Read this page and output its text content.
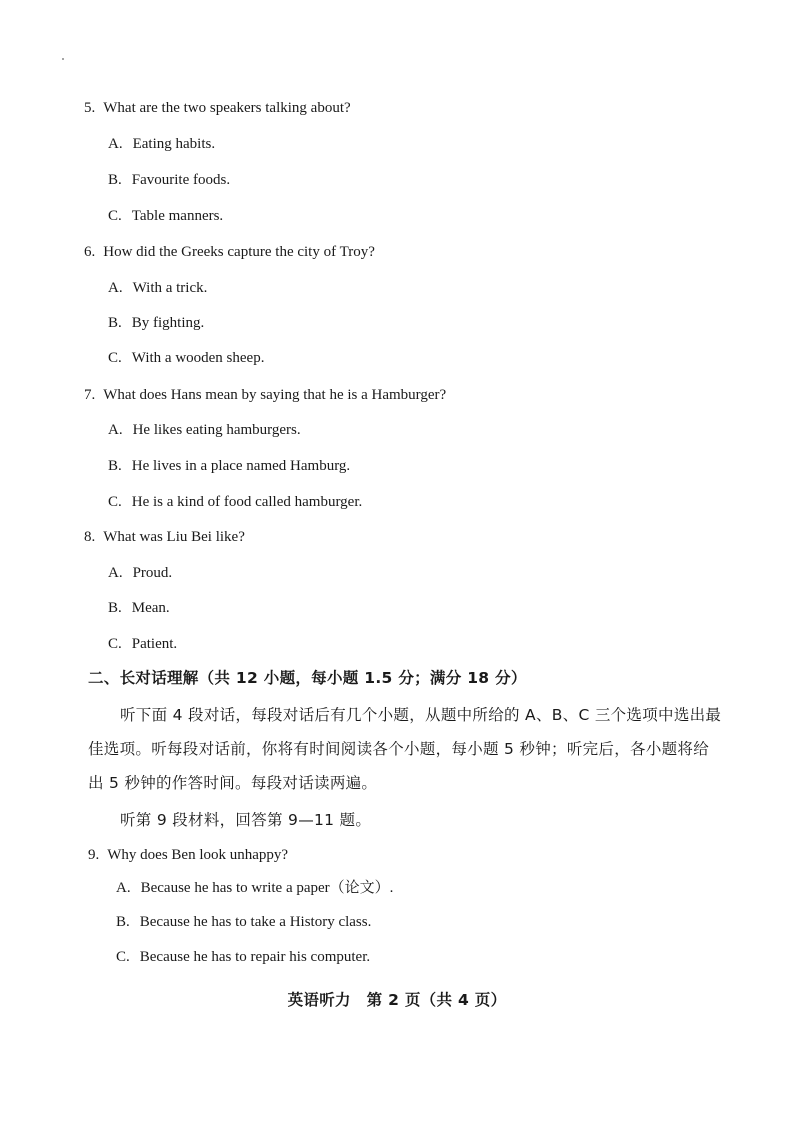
5. What are the two speakers talking about?
A. Eating habits.
B. Favourite foods.
C. Table manners.
6. How did the Greeks capture the city of Troy?
A. With a trick.
B. By fighting.
C. With a wooden sheep.
7. What does Hans mean by saying that he is a Hamburger?
A. He likes eating hamburgers.
B. He lives in a place named Hamburg.
C. He is a kind of food called hamburger.
8. What was Liu Bei like?
A. Proud.
B. Mean.
C. Patient.
二、长对话理解（共 12 小题，每小题 1.5 分；满分 18 分）
听下面 4 段对话，每段对话后有几个小题，从题中所给的 A、B、C 三个选项中选出最
佳选项。听每段对话前，你将有时间阅读各个小题，每小题 5 秒钟；听完后，各小题将给
出 5 秒钟的作答时间。每段对话读两遍。
听第 9 段材料，回答第 9—11 题。
9. Why does Ben look unhappy?
A. Because he has to write a paper（论文）.
B. Because he has to take a History class.
C. Because he has to repair his computer.
英语听力　第 2 页（共 4 页）
